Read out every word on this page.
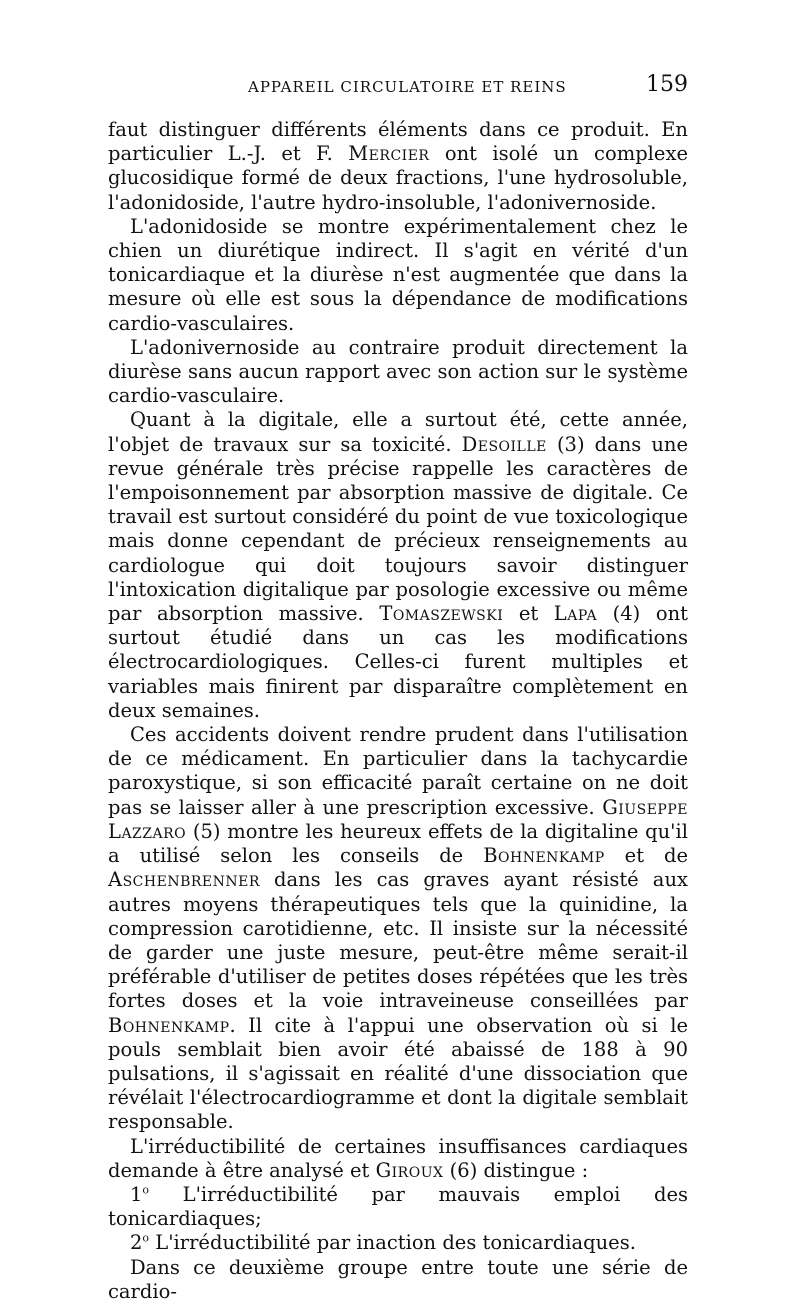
APPAREIL CIRCULATOIRE ET REINS	159

faut distinguer différents éléments dans ce produit. En particulier L.-J. et F. Mercier ont isolé un complexe glucosidique formé de deux fractions, l'une hydrosoluble, l'adonidoside, l'autre hydro-insoluble, l'adonivernoside.

L'adonidoside se montre expérimentalement chez le chien un diurétique indirect. Il s'agit en vérité d'un tonicardiaque et la diurèse n'est augmentée que dans la mesure où elle est sous la dépendance de modifications cardio-vasculaires.

L'adonivernoside au contraire produit directement la diurèse sans aucun rapport avec son action sur le système cardio-vasculaire.

Quant à la digitale, elle a surtout été, cette année, l'objet de travaux sur sa toxicité. Desoille (3) dans une revue générale très précise rappelle les caractères de l'empoisonnement par absorption massive de digitale. Ce travail est surtout considéré du point de vue toxicologique mais donne cependant de précieux renseignements au cardiologue qui doit toujours savoir distinguer l'intoxication digitalique par posologie excessive ou même par absorption massive. Tomaszewski et Lapa (4) ont surtout étudié dans un cas les modifications électrocardiologiques. Celles-ci furent multiples et variables mais finirent par disparaître complètement en deux semaines.

Ces accidents doivent rendre prudent dans l'utilisation de ce médicament. En particulier dans la tachycardie paroxystique, si son efficacité paraît certaine on ne doit pas se laisser aller à une prescription excessive. Giuseppe Lazzaro (5) montre les heureux effets de la digitaline qu'il a utilisé selon les conseils de Bohnenkamp et de Aschenbrenner dans les cas graves ayant résisté aux autres moyens thérapeutiques tels que la quinidine, la compression carotidienne, etc. Il insiste sur la nécessité de garder une juste mesure, peut-être même serait-il préférable d'utiliser de petites doses répétées que les très fortes doses et la voie intraveineuse conseillées par Bohnenkamp. Il cite à l'appui une observation où si le pouls semblait bien avoir été abaissé de 188 à 90 pulsations, il s'agissait en réalité d'une dissociation que révélait l'électrocardiogramme et dont la digitale semblait responsable.

L'irréductibilité de certaines insuffisances cardiaques demande à être analysé et Giroux (6) distingue :

1$^o$ L'irréductibilité par mauvais emploi des tonicardiaques;

2$^o$ L'irréductibilité par inaction des tonicardiaques.

Dans ce deuxième groupe entre toute une série de cardio-
